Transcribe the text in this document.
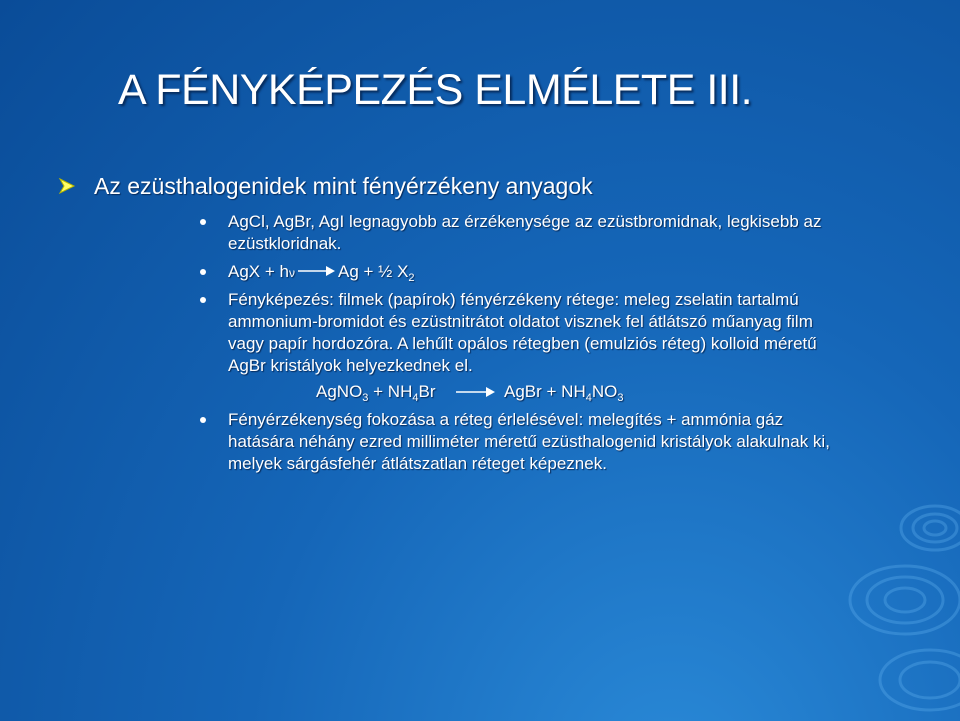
A FÉNYKÉPEZÉS ELMÉLETE III.
Az ezüsthalogenidek mint fényérzékeny anyagok
AgCl, AgBr, AgI legnagyobb az érzékenysége az ezüstbromidnak, legkisebb az
ezüstkloridnak.
AgX + hν	Ag + ½ $X_2$
Fényképezés: filmek (papírok) fényérzékeny rétege: meleg zselatin tartalmú
ammonium-bromidot és ezüstnitrátot oldatot visznek fel átlátszó műanyag film
vagy papír hordozóra. A lehűlt opálos rétegben (emulziós réteg) kolloid méretű
AgBr kristályok helyezkednek el.
AgNO$_3$ + $NH_4Br$	AgBr + $NH_4NO_3$
Fényérzékenység fokozása a réteg érlelésével: melegítés + ammónia gáz
hatására néhány ezred milliméter méretű ezüsthalogenid kristályok alakulnak ki,
melyek sárgásfehér átlátszatlan réteget képeznek.
